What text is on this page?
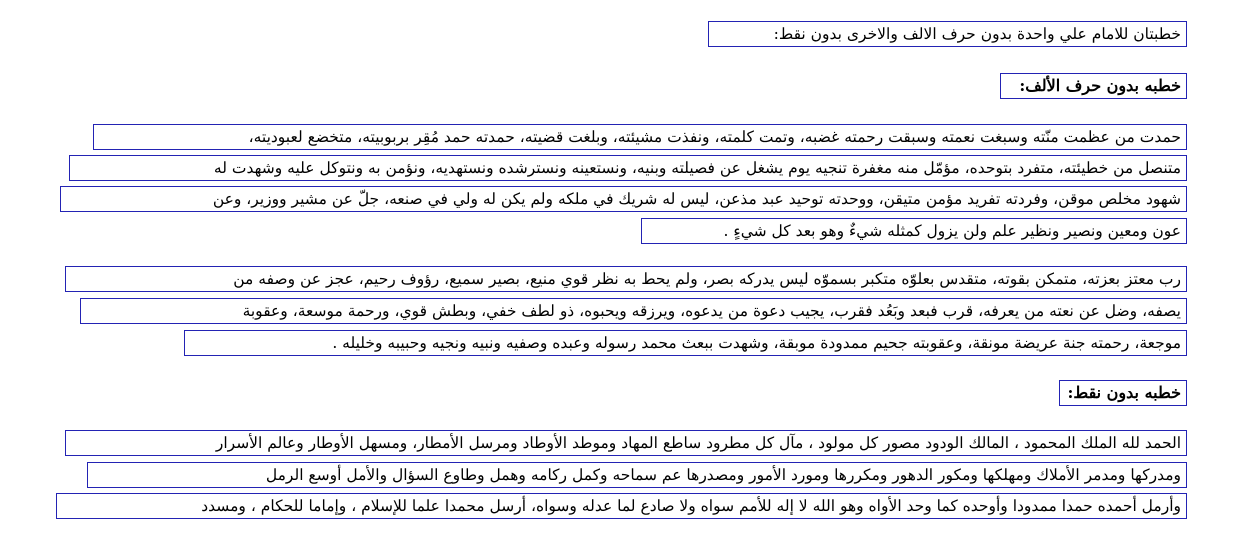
خطبتان للامام علي واحدة بدون حرف الالف والاخرى بدون نقط:
خطبه بدون حرف الألف:
حمدت من عظمت منّته وسبغت نعمته وسبقت رحمته غضبه، وتمت كلمته، ونفذت مشيئته، وبلغت قضيته، حمدته حمد مُقِر بربوبيته، متخضع لعبوديته،
متنصل من خطيئته، متفرد بتوحده، مؤمّل منه مغفرة تنجيه يوم يشغل عن فصيلته وبنيه، ونستعينه ونسترشده ونستهديه، ونؤمن به ونتوكل عليه وشهدت له
شهود مخلص موقن، وفردته تفريد مؤمن متيقن، ووحدته توحيد عبد مذعن، ليس له شريك في ملكه ولم يكن له ولي في صنعه، جلّ عن مشير ووزير، وعن
عون ومعين ونصير ونظير علم ولن يزول كمثله شيءٌ وهو بعد كل شيءٍ .
رب معتز بعزته، متمكن بقوته، متقدس بعلوّه متكبر بسموّه ليس يدركه بصر، ولم يحط به نظر قوي منيع، بصير سميع، رؤوف رحيم، عجز عن وصفه من
يصفه، وضل عن نعته من يعرفه، قرب فبعد وبَعُد فقرب، يجيب دعوة من يدعوه، ويرزقه ويحبوه، ذو لطف خفي، وبطش قوي، ورحمة موسعة، وعقوبة
موجعة، رحمته جنة عريضة مونقة، وعقوبته جحيم ممدودة موبقة، وشهدت ببعث محمد رسوله وعبده وصفيه ونبيه ونجيه وحبيبه وخليله .
خطبه بدون نقط:
الحمد لله الملك المحمود ، المالك الودود مصور كل مولود ، مآل كل مطرود ساطع المهاد وموطد الأوطاد ومرسل الأمطار، ومسهل الأوطار وعالم الأسرار
ومدركها ومدمر الأملاك ومهلكها ومكور الدهور ومكررها ومورد الأمور ومصدرها عم سماحه وكمل ركامه وهمل وطاوع السؤال والأمل أوسع الرمل
وأرمل أحمده حمدا ممدودا وأوحده كما وحد الأواه وهو الله لا إله للأمم سواه ولا صادع لما عدله وسواه، أرسل محمدا علما للإسلام ، وإماما للحكام ، ومسدد
